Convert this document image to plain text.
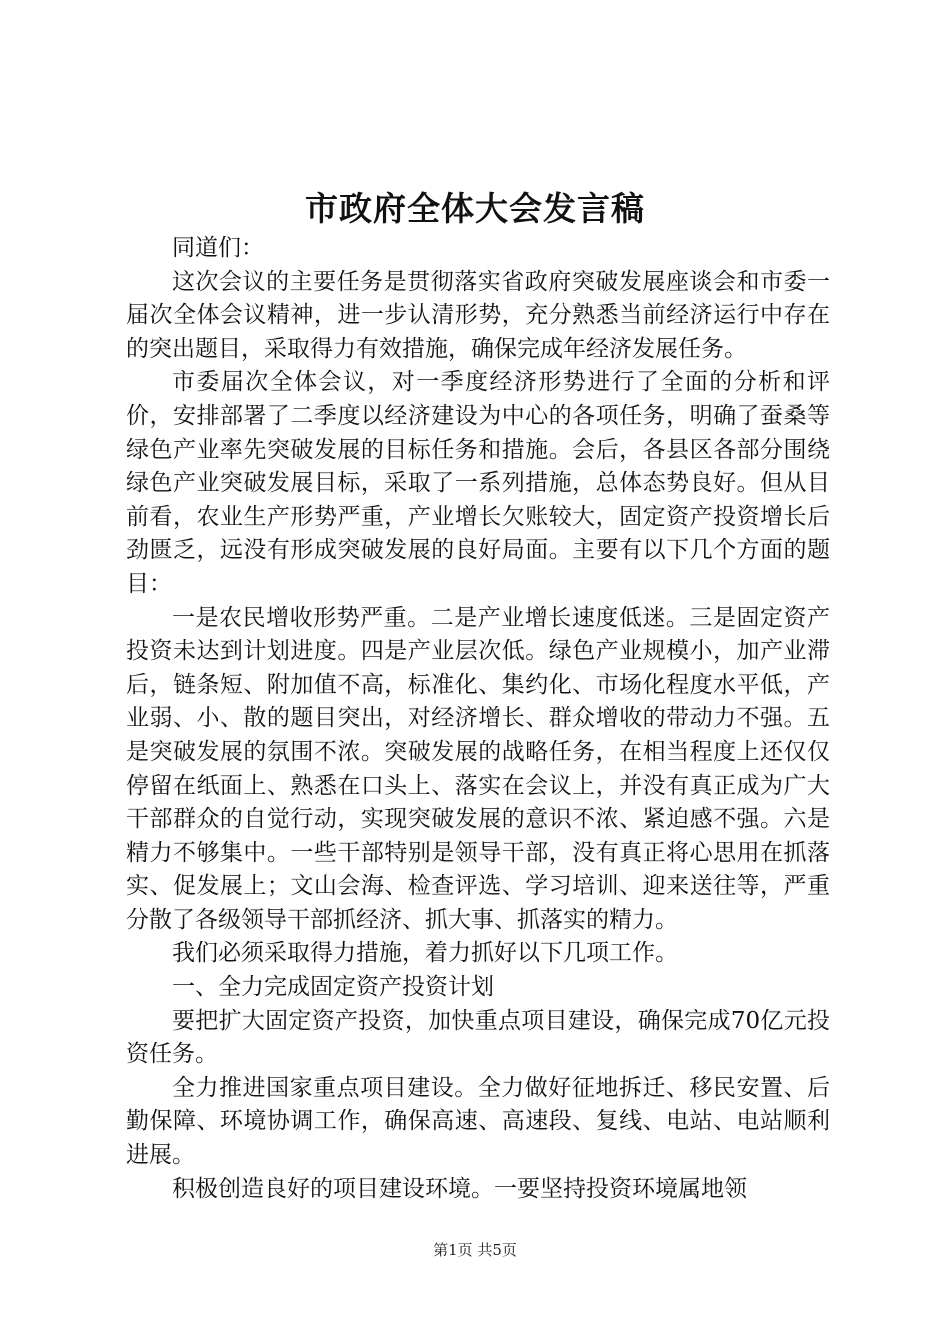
市政府全体大会发言稿

同道们：

这次会议的主要任务是贯彻落实省政府突破发展座谈会和市委一届次全体会议精神，进一步认清形势，充分熟悉当前经济运行中存在的突出题目，采取得力有效措施，确保完成年经济发展任务。

市委届次全体会议，对一季度经济形势进行了全面的分析和评价，安排部署了二季度以经济建设为中心的各项任务，明确了蚕桑等绿色产业率先突破发展的目标任务和措施。会后，各县区各部分围绕绿色产业突破发展目标，采取了一系列措施，总体态势良好。但从目前看，农业生产形势严重，产业增长欠账较大，固定资产投资增长后劲匮乏，远没有形成突破发展的良好局面。主要有以下几个方面的题目：

一是农民增收形势严重。二是产业增长速度低迷。三是固定资产投资未达到计划进度。四是产业层次低。绿色产业规模小，加产业滞后，链条短、附加值不高，标准化、集约化、市场化程度水平低，产业弱、小、散的题目突出，对经济增长、群众增收的带动力不强。五是突破发展的氛围不浓。突破发展的战略任务，在相当程度上还仅仅停留在纸面上、熟悉在口头上、落实在会议上，并没有真正成为广大干部群众的自觉行动，实现突破发展的意识不浓、紧迫感不强。六是精力不够集中。一些干部特别是领导干部，没有真正将心思用在抓落实、促发展上；文山会海、检查评选、学习培训、迎来送往等，严重分散了各级领导干部抓经济、抓大事、抓落实的精力。

我们必须采取得力措施，着力抓好以下几项工作。

一、全力完成固定资产投资计划

要把扩大固定资产投资，加快重点项目建设，确保完成70亿元投资任务。

全力推进国家重点项目建设。全力做好征地拆迁、移民安置、后勤保障、环境协调工作，确保高速、高速段、复线、电站、电站顺利进展。

积极创造良好的项目建设环境。一要坚持投资环境属地领

第1页 共5页
